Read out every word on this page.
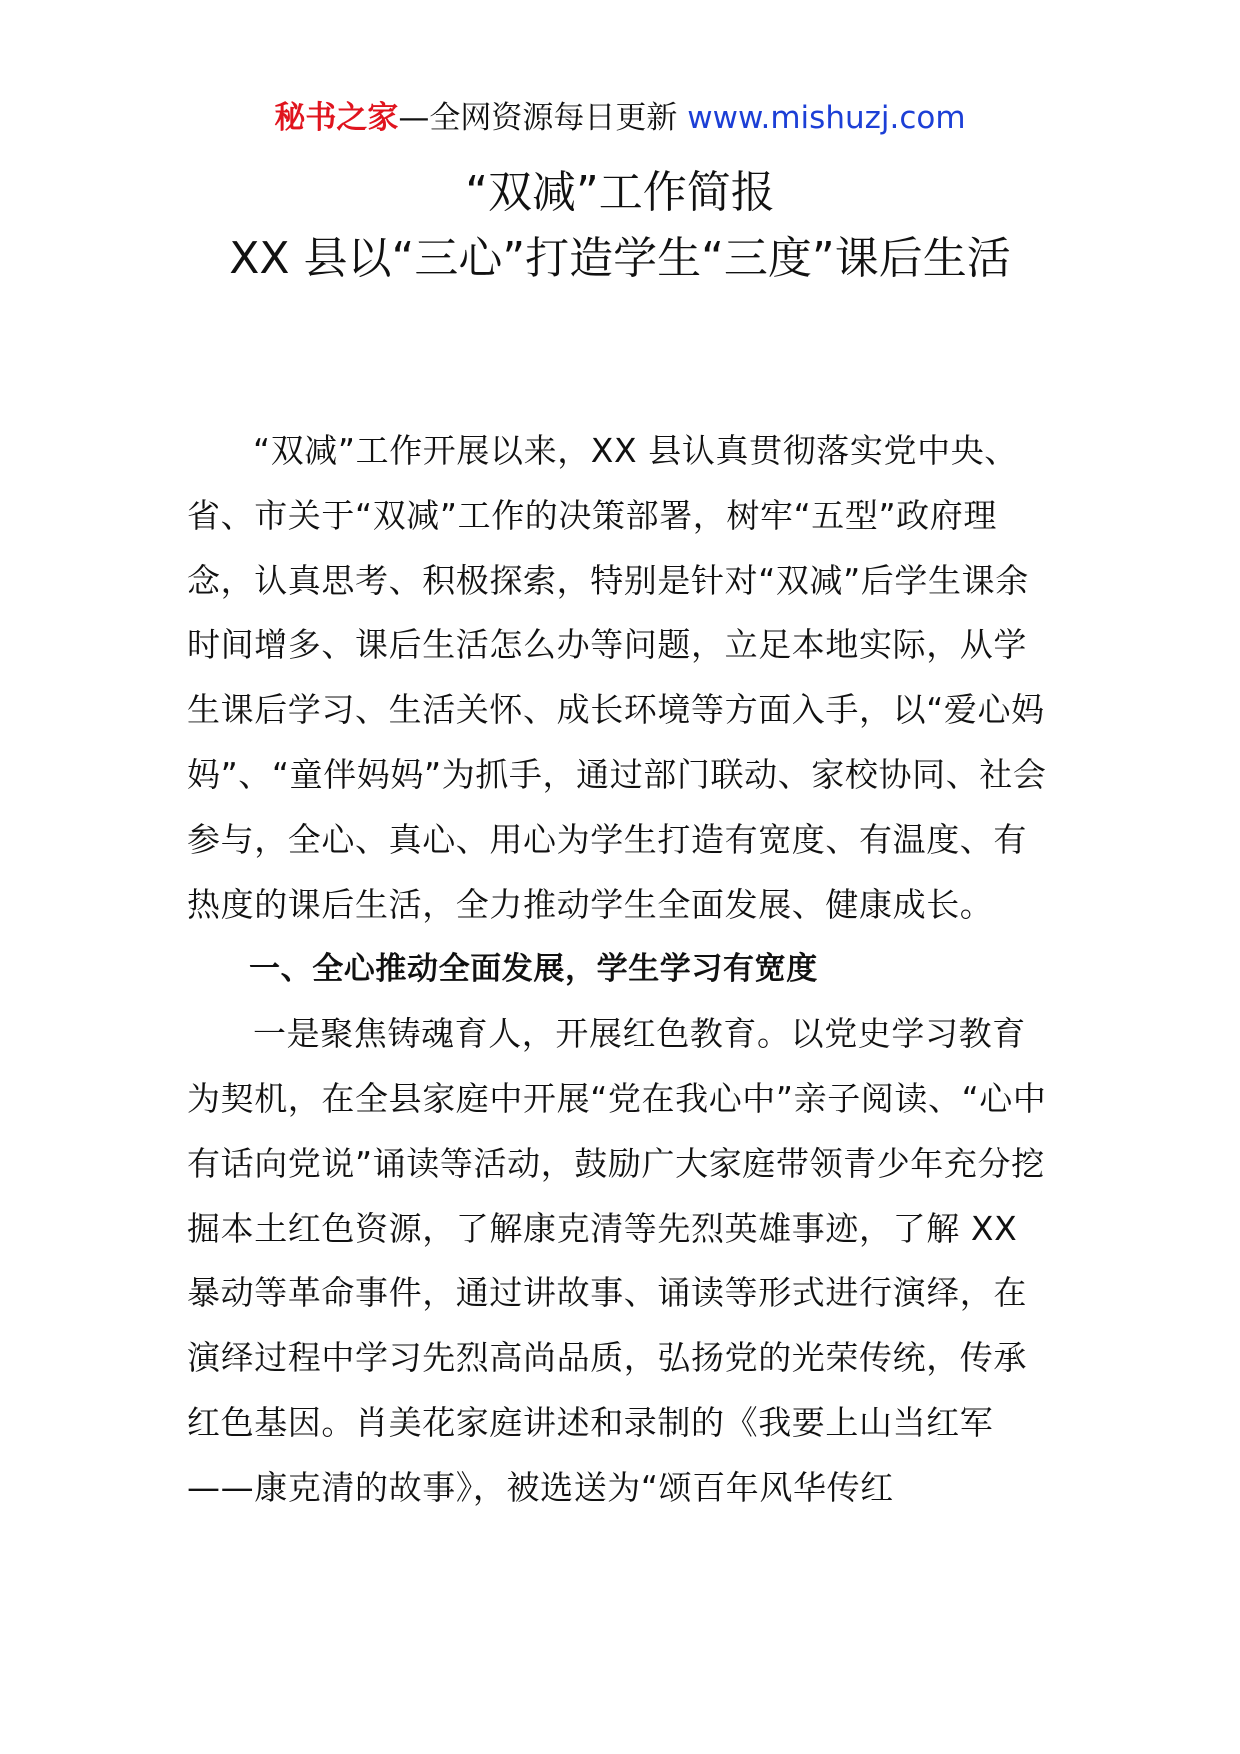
秘书之家—全网资源每日更新 www.mishuzj.com
“双减”工作简报
XX 县以“三心”打造学生“三度”课后生活

“双减”工作开展以来，XX 县认真贯彻落实党中央、省、市关于“双减”工作的决策部署，树牢“五型”政府理念，认真思考、积极探索，特别是针对“双减”后学生课余时间增多、课后生活怎么办等问题，立足本地实际，从学生课后学习、生活关怀、成长环境等方面入手，以“爱心妈妈”、“童伴妈妈”为抓手，通过部门联动、家校协同、社会参与，全心、真心、用心为学生打造有宽度、有温度、有热度的课后生活，全力推动学生全面发展、健康成长。

一、全心推动全面发展，学生学习有宽度

一是聚焦铸魂育人，开展红色教育。以党史学习教育为契机，在全县家庭中开展“党在我心中”亲子阅读、“心中有话向党说”诵读等活动，鼓励广大家庭带领青少年充分挖掘本土红色资源，了解康克清等先烈英雄事迹，了解 XX 暴动等革命事件，通过讲故事、诵读等形式进行演绎，在演绎过程中学习先烈高尚品质，弘扬党的光荣传统，传承红色基因。肖美花家庭讲述和录制的《我要上山当红军——康克清的故事》，被选送为“颂百年风华传红
